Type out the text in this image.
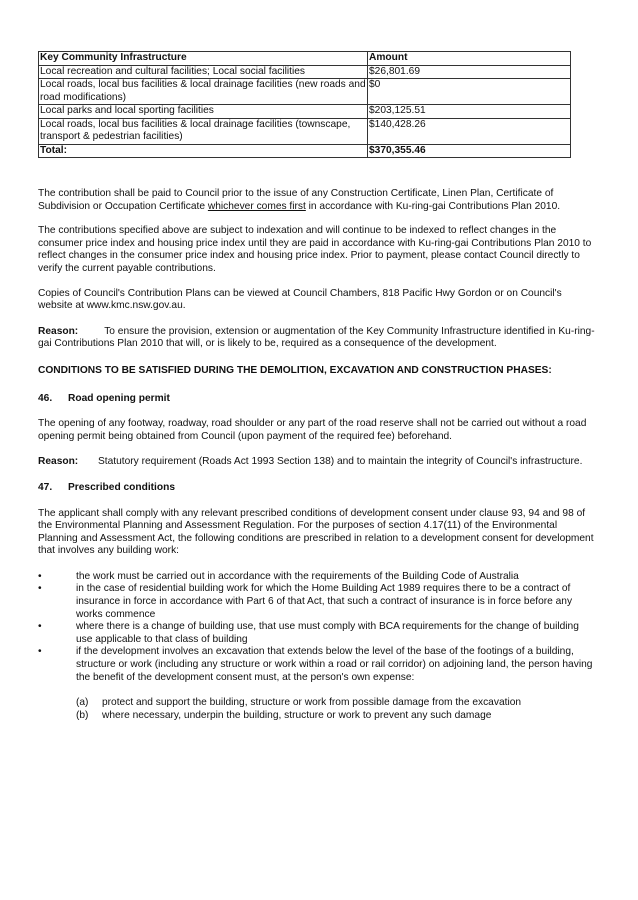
Key Community Infrastructure	Amount
Local recreation and cultural facilities; Local social facilities	$26,801.69
Local roads, local bus facilities & local drainage facilities (new roads and road modifications)	$0
Local parks and local sporting facilities	$203,125.51
Local roads, local bus facilities & local drainage facilities (townscape, transport & pedestrian facilities)	$140,428.26
Total:	$370,355.46

The contribution shall be paid to Council prior to the issue of any Construction Certificate, Linen Plan, Certificate of Subdivision or Occupation Certificate whichever comes first in accordance with Ku-ring-gai Contributions Plan 2010.

The contributions specified above are subject to indexation and will continue to be indexed to reflect changes in the consumer price index and housing price index until they are paid in accordance with Ku-ring-gai Contributions Plan 2010 to reflect changes in the consumer price index and housing price index. Prior to payment, please contact Council directly to verify the current payable contributions.

Copies of Council's Contribution Plans can be viewed at Council Chambers, 818 Pacific Hwy Gordon or on Council's website at www.kmc.nsw.gov.au.

Reason:	To ensure the provision, extension or augmentation of the Key Community Infrastructure identified in Ku-ring-gai Contributions Plan 2010 that will, or is likely to be, required as a consequence of the development.

CONDITIONS TO BE SATISFIED DURING THE DEMOLITION, EXCAVATION AND CONSTRUCTION PHASES:
46.	Road opening permit

The opening of any footway, roadway, road shoulder or any part of the road reserve shall not be carried out without a road opening permit being obtained from Council (upon payment of the required fee) beforehand.

Reason:	Statutory requirement (Roads Act 1993 Section 138) and to maintain the integrity of Council's infrastructure.
47.	Prescribed conditions

The applicant shall comply with any relevant prescribed conditions of development consent under clause 93, 94 and 98 of the Environmental Planning and Assessment Regulation. For the purposes of section 4.17(11) of the Environmental Planning and Assessment Act, the following conditions are prescribed in relation to a development consent for development that involves any building work:

• the work must be carried out in accordance with the requirements of the Building Code of Australia
• in the case of residential building work for which the Home Building Act 1989 requires there to be a contract of insurance in force in accordance with Part 6 of that Act, that such a contract of insurance is in force before any works commence
• where there is a change of building use, that use must comply with BCA requirements for the change of building use applicable to that class of building
• if the development involves an excavation that extends below the level of the base of the footings of a building, structure or work (including any structure or work within a road or rail corridor) on adjoining land, the person having the benefit of the development consent must, at the person's own expense:
(a)	protect and support the building, structure or work from possible damage from the excavation
(b)	where necessary, underpin the building, structure or work to prevent any such damage
